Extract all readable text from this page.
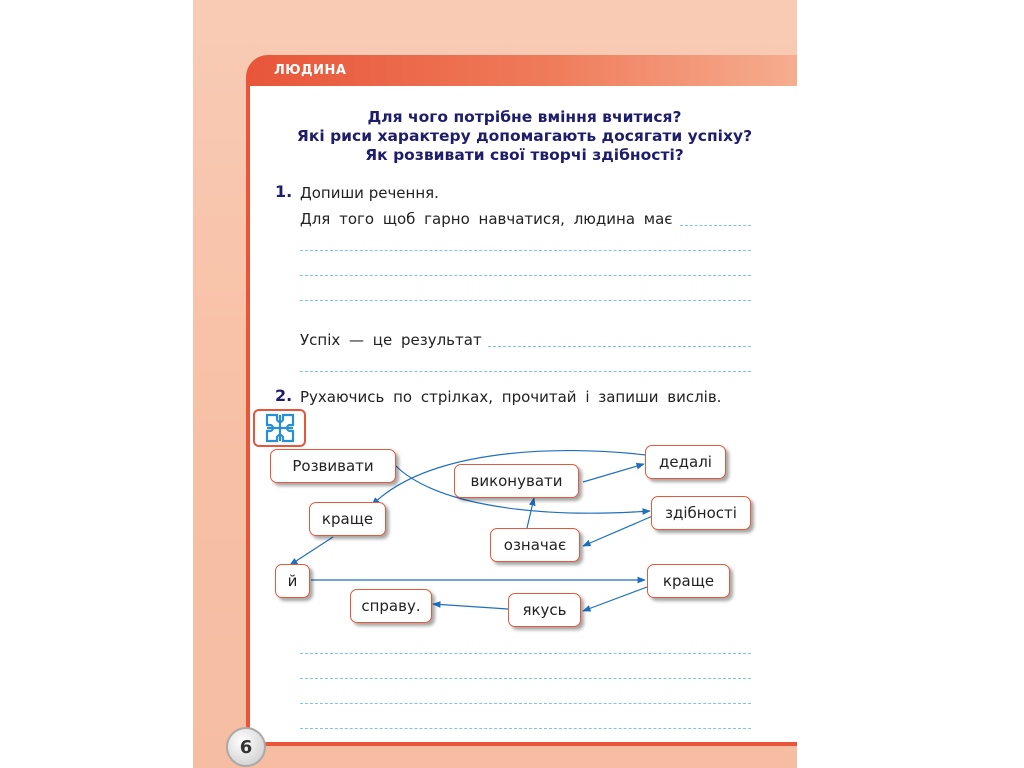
ЛЮДИНА
Для чого потрібне вміння вчитися?
Які риси характеру допомагають досягати успіху?
Як розвивати свої творчі здібності?
1. Допиши речення.
Для того щоб гарно навчатися, людина має
Успіх — це результат
2. Рухаючись по стрілках, прочитай і запиши вислів.
Розвивати
виконувати
дедалі
краще	здібності
означає
й	краще
справу.	якусь
6
